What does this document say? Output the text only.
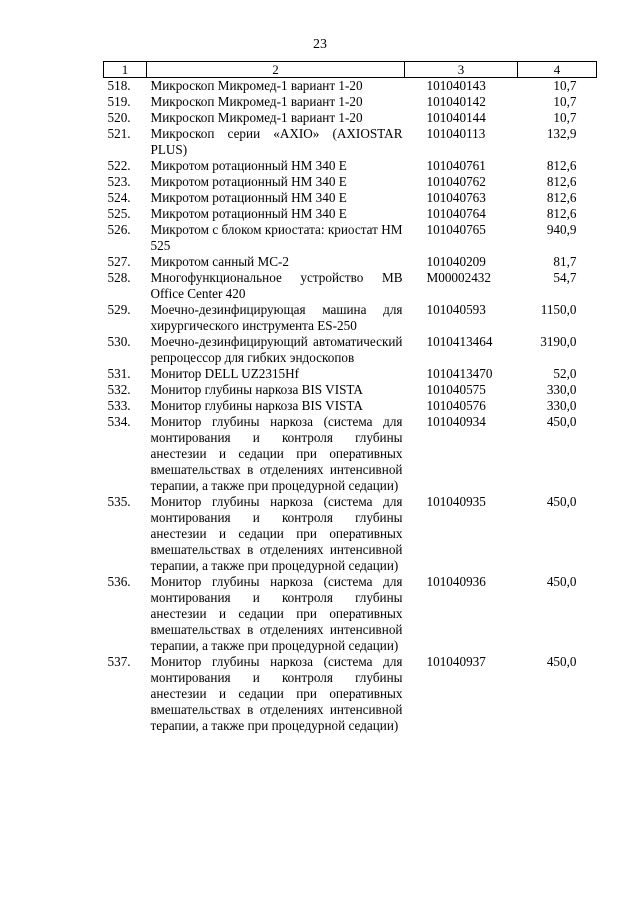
23
1	2	3	4
518.	Микроскоп Микромед-1 вариант 1-20	101040143	10,7
519.	Микроскоп Микромед-1 вариант 1-20	101040142	10,7
520.	Микроскоп Микромед-1 вариант 1-20	101040144	10,7
521.	Микроскоп серии «AXIO» (AXIOSTAR PLUS)	101040113	132,9
522.	Микротом ротационный НМ 340 Е	101040761	812,6
523.	Микротом ротационный НМ 340 Е	101040762	812,6
524.	Микротом ротационный НМ 340 Е	101040763	812,6
525.	Микротом ротационный НМ 340 Е	101040764	812,6
526.	Микротом с блоком криостата: криостат НМ 525	101040765	940,9
527.	Микротом санный МС-2	101040209	81,7
528.	Многофункциональное устройство MB Office Center 420	M00002432	54,7
529.	Моечно-дезинфицирующая машина для хирургического инструмента ES-250	101040593	1150,0
530.	Моечно-дезинфицирующий автоматический репроцессор для гибких эндоскопов	1010413464	3190,0
531.	Монитор DELL UZ2315Hf	1010413470	52,0
532.	Монитор глубины наркоза BIS VISTA	101040575	330,0
533.	Монитор глубины наркоза BIS VISTA	101040576	330,0
534.	Монитор глубины наркоза (система для монтирования и контроля глубины анестезии и седации при оперативных вмешательствах в отделениях интенсивной терапии, а также при процедурной седации)	101040934	450,0
535.	Монитор глубины наркоза (система для монтирования и контроля глубины анестезии и седации при оперативных вмешательствах в отделениях интенсивной терапии, а также при процедурной седации)	101040935	450,0
536.	Монитор глубины наркоза (система для монтирования и контроля глубины анестезии и седации при оперативных вмешательствах в отделениях интенсивной терапии, а также при процедурной седации)	101040936	450,0
537.	Монитор глубины наркоза (система для монтирования и контроля глубины анестезии и седации при оперативных вмешательствах в отделениях интенсивной терапии, а также при процедурной седации)	101040937	450,0
